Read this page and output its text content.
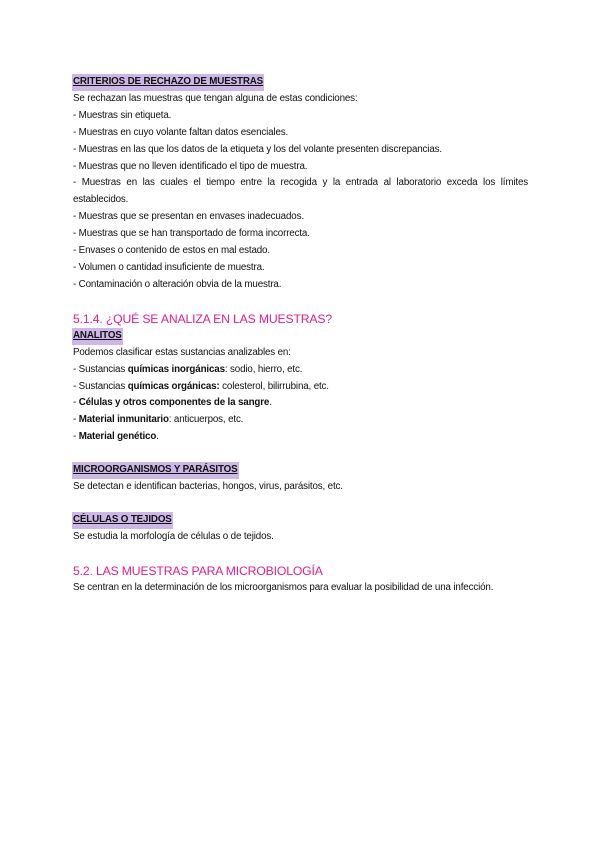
CRITERIOS DE RECHAZO DE MUESTRAS
Se rechazan las muestras que tengan alguna de estas condiciones:
- Muestras sin etiqueta.
- Muestras en cuyo volante faltan datos esenciales.
- Muestras en las que los datos de la etiqueta y los del volante presenten discrepancias.
- Muestras que no lleven identificado el tipo de muestra.
- Muestras en las cuales el tiempo entre la recogida y la entrada al laboratorio exceda los límites establecidos.
- Muestras que se presentan en envases inadecuados.
- Muestras que se han transportado de forma incorrecta.
- Envases o contenido de estos en mal estado.
- Volumen o cantidad insuficiente de muestra.
- Contaminación o alteración obvia de la muestra.
5.1.4. ¿QUÉ SE ANALIZA EN LAS MUESTRAS?
ANALITOS
Podemos clasificar estas sustancias analizables en:
- Sustancias químicas inorgánicas: sodio, hierro, etc.
- Sustancias químicas orgánicas: colesterol, bilirrubina, etc.
- Células y otros componentes de la sangre.
- Material inmunitario: anticuerpos, etc.
- Material genético.
MICROORGANISMOS Y PARÁSITOS
Se detectan e identifican bacterias, hongos, virus, parásitos, etc.
CÉLULAS O TEJIDOS
Se estudia la morfología de células o de tejidos.
5.2. LAS MUESTRAS PARA MICROBIOLOGÍA
Se centran en la determinación de los microorganismos para evaluar la posibilidad de una infección.
